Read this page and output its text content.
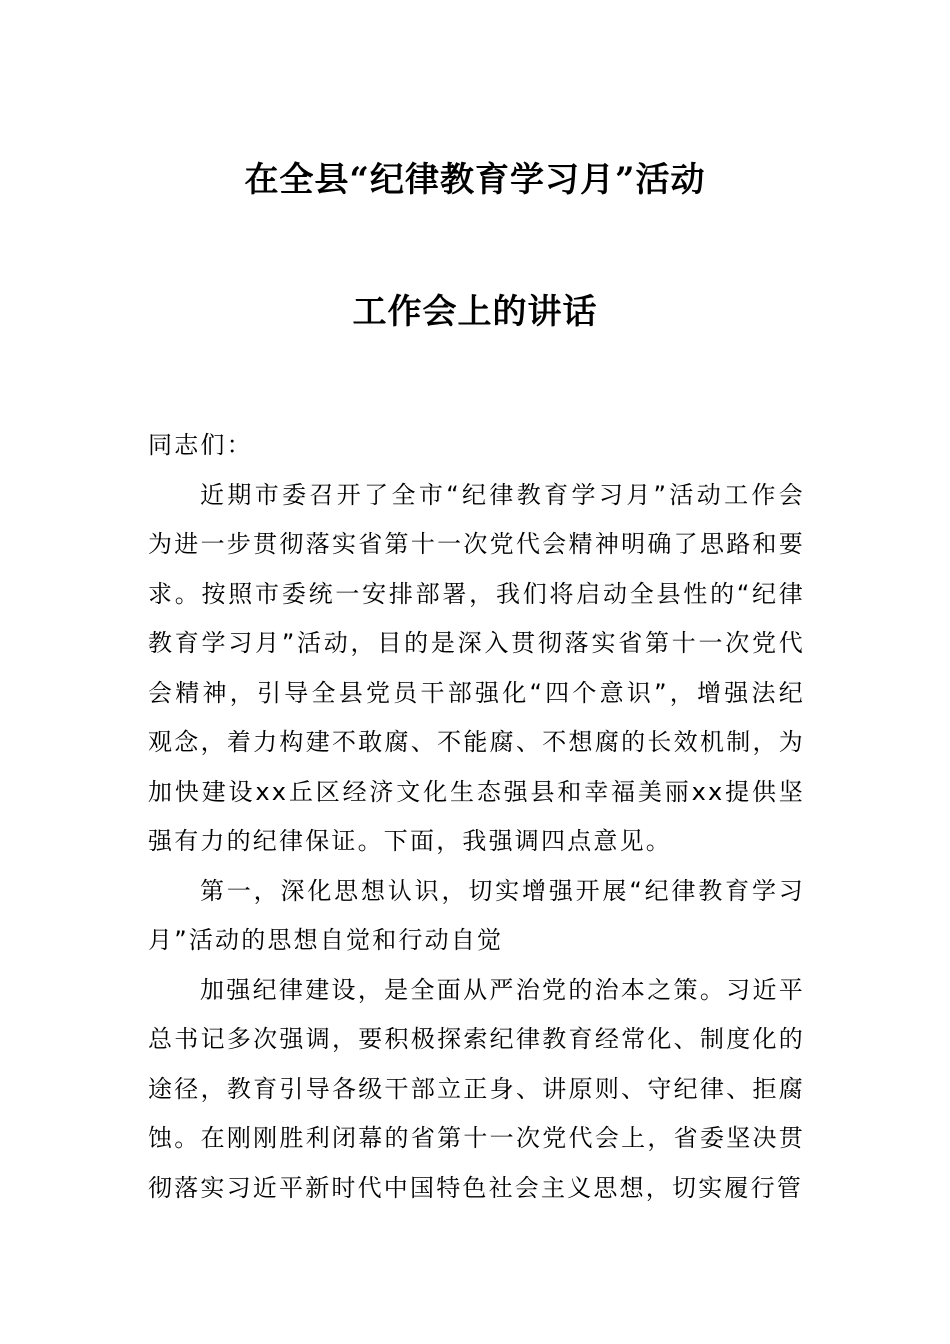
在全县“纪律教育学习月”活动
工作会上的讲话

同志们：

近期市委召开了全市“纪律教育学习月”活动工作会为进一步贯彻落实省第十一次党代会精神明确了思路和要求。按照市委统一安排部署，我们将启动全县性的“纪律教育学习月”活动，目的是深入贯彻落实省第十一次党代会精神，引导全县党员干部强化“四个意识”，增强法纪观念，着力构建不敢腐、不能腐、不想腐的长效机制，为加快建设xx丘区经济文化生态强县和幸福美丽xx提供坚强有力的纪律保证。下面，我强调四点意见。

第一，深化思想认识，切实增强开展“纪律教育学习月”活动的思想自觉和行动自觉

加强纪律建设，是全面从严治党的治本之策。习近平总书记多次强调，要积极探索纪律教育经常化、制度化的途径，教育引导各级干部立正身、讲原则、守纪律、拒腐蚀。在刚刚胜利闭幕的省第十一次党代会上，省委坚决贯彻落实习近平新时代中国特色社会主义思想，切实履行管
